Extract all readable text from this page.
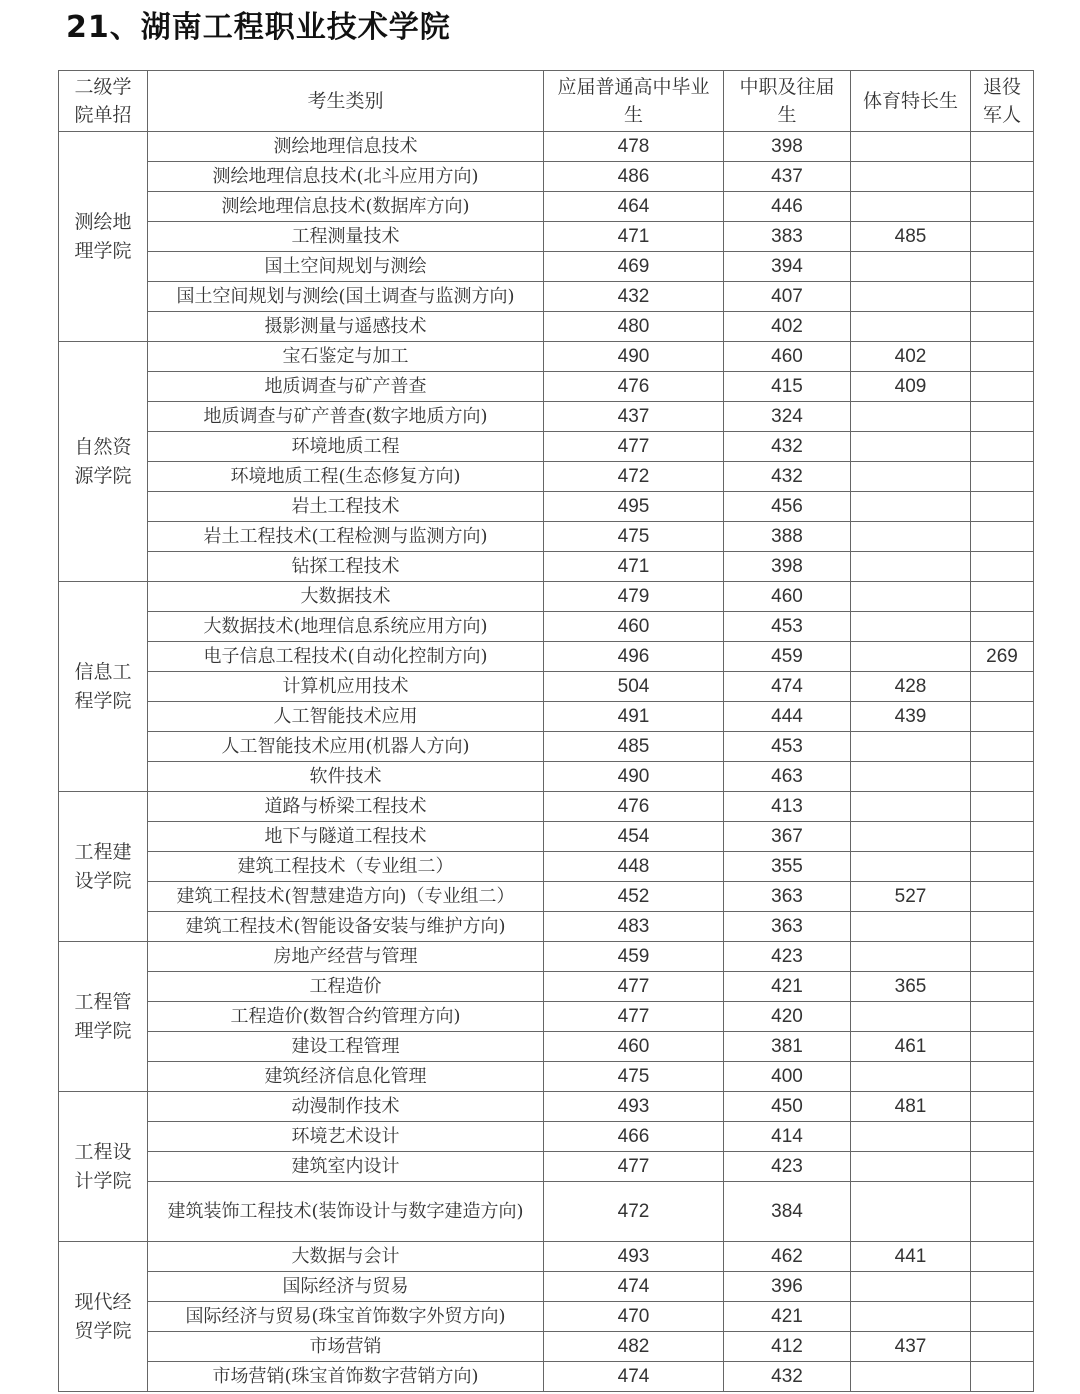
21、湖南工程职业技术学院
二级学院单招	考生类别	应届普通高中毕业生	中职及往届生	体育特长生	退役军人
测绘地理学院	测绘地理信息技术	478	398		
	测绘地理信息技术(北斗应用方向)	486	437		
	测绘地理信息技术(数据库方向)	464	446		
	工程测量技术	471	383	485	
	国土空间规划与测绘	469	394		
	国土空间规划与测绘(国土调查与监测方向)	432	407		
	摄影测量与遥感技术	480	402		
自然资源学院	宝石鉴定与加工	490	460	402	
	地质调查与矿产普查	476	415	409	
	地质调查与矿产普查(数字地质方向)	437	324		
	环境地质工程	477	432		
	环境地质工程(生态修复方向)	472	432		
	岩土工程技术	495	456		
	岩土工程技术(工程检测与监测方向)	475	388		
	钻探工程技术	471	398		
信息工程学院	大数据技术	479	460		
	大数据技术(地理信息系统应用方向)	460	453		
	电子信息工程技术(自动化控制方向)	496	459		269
	计算机应用技术	504	474	428	
	人工智能技术应用	491	444	439	
	人工智能技术应用(机器人方向)	485	453		
	软件技术	490	463		
工程建设学院	道路与桥梁工程技术	476	413		
	地下与隧道工程技术	454	367		
	建筑工程技术（专业组二）	448	355		
	建筑工程技术(智慧建造方向)（专业组二）	452	363	527	
	建筑工程技术(智能设备安装与维护方向)	483	363		
工程管理学院	房地产经营与管理	459	423		
	工程造价	477	421	365	
	工程造价(数智合约管理方向)	477	420		
	建设工程管理	460	381	461	
	建筑经济信息化管理	475	400		
工程设计学院	动漫制作技术	493	450	481	
	环境艺术设计	466	414		
	建筑室内设计	477	423		
	建筑装饰工程技术(装饰设计与数字建造方向)	472	384		
现代经贸学院	大数据与会计	493	462	441	
	国际经济与贸易	474	396		
	国际经济与贸易(珠宝首饰数字外贸方向)	470	421		
	市场营销	482	412	437	
	市场营销(珠宝首饰数字营销方向)	474	432		
